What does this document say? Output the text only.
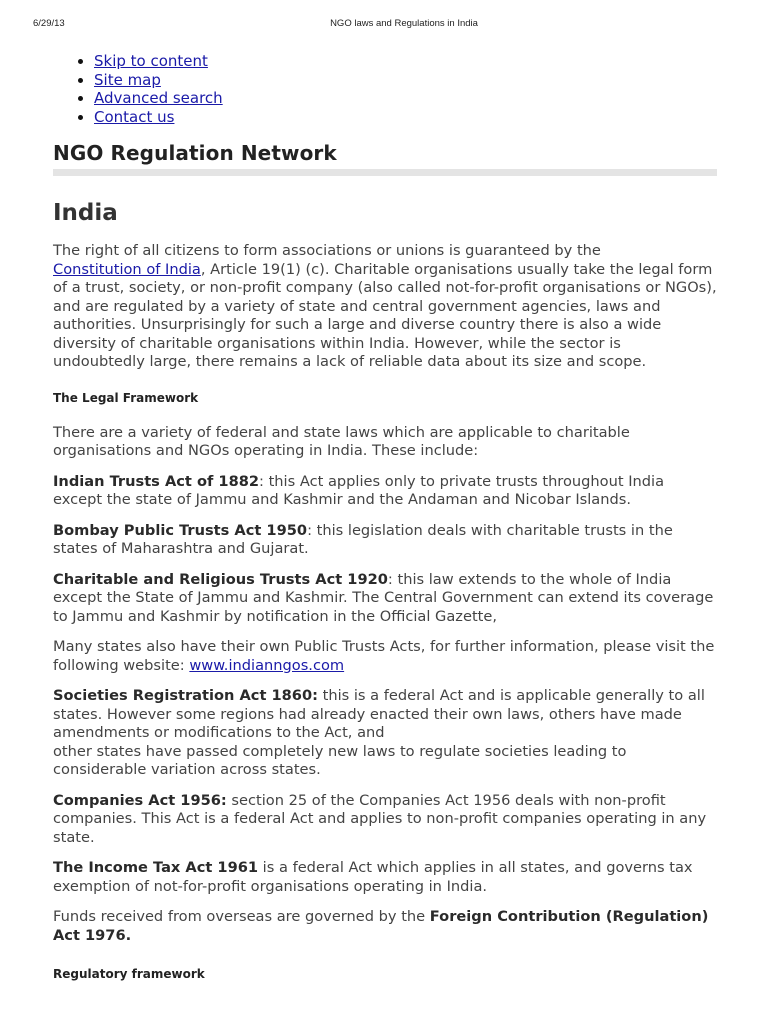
6/29/13	NGO laws and Regulations in India
• Skip to content
• Site map
• Advanced search
• Contact us
NGO Regulation Network
India

The right of all citizens to form associations or unions is guaranteed by the
Constitution of India, Article 19(1) (c). Charitable organisations usually take the legal form of a trust, society, or non-profit company (also called not-for-profit organisations or NGOs), and are regulated by a variety of state and central government agencies, laws and authorities. Unsurprisingly for such a large and diverse country there is also a wide diversity of charitable organisations within India. However, while the sector is undoubtedly large, there remains a lack of reliable data about its size and scope.

The Legal Framework

There are a variety of federal and state laws which are applicable to charitable organisations and NGOs operating in India. These include:

Indian Trusts Act of 1882: this Act applies only to private trusts throughout India except the state of Jammu and Kashmir and the Andaman and Nicobar Islands.

Bombay Public Trusts Act 1950: this legislation deals with charitable trusts in the states of Maharashtra and Gujarat.

Charitable and Religious Trusts Act 1920: this law extends to the whole of India except the State of Jammu and Kashmir. The Central Government can extend its coverage to Jammu and Kashmir by notification in the Official Gazette,

Many states also have their own Public Trusts Acts, for further information, please visit the following website: www.indianngos.com

Societies Registration Act 1860: this is a federal Act and is applicable generally to all states. However some regions had already enacted their own laws, others have made amendments or modifications to the Act, and
other states have passed completely new laws to regulate societies leading to considerable variation across states.

Companies Act 1956: section 25 of the Companies Act 1956 deals with non-profit companies. This Act is a federal Act and applies to non-profit companies operating in any state.

The Income Tax Act 1961 is a federal Act which applies in all states, and governs tax exemption of not-for-profit organisations operating in India.

Funds received from overseas are governed by the Foreign Contribution (Regulation) Act 1976.

Regulatory framework
